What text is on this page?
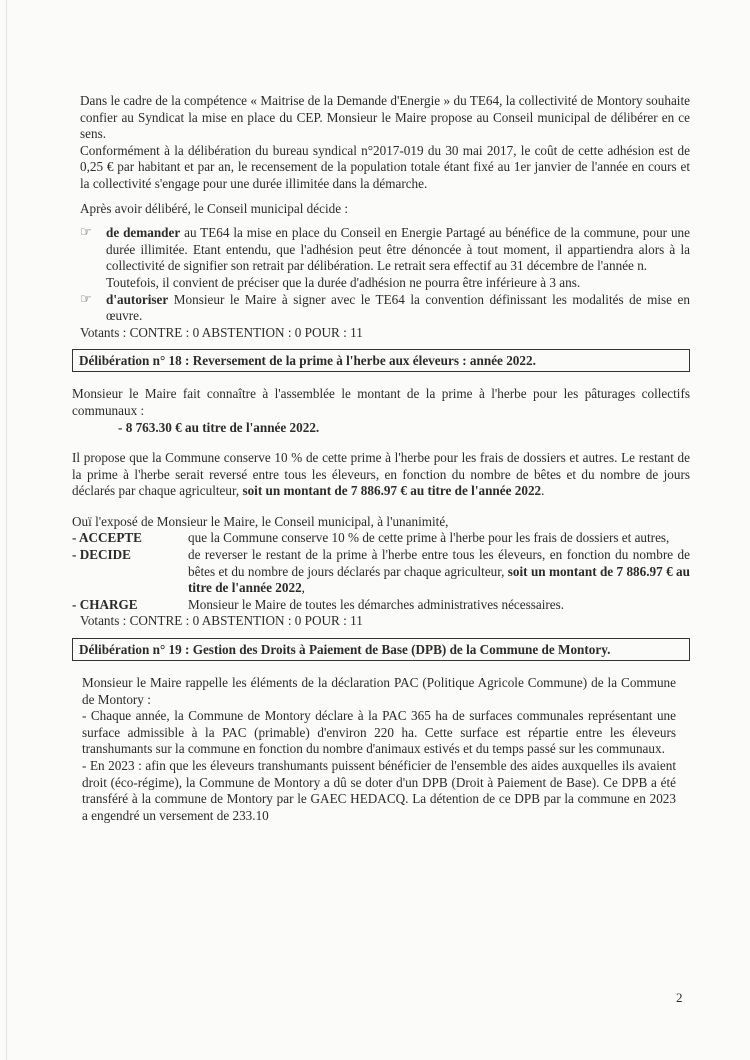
Dans le cadre de la compétence « Maitrise de la Demande d'Energie » du TE64, la collectivité de Montory souhaite confier au Syndicat la mise en place du CEP. Monsieur le Maire propose au Conseil municipal de délibérer en ce sens.

Conformément à la délibération du bureau syndical n°2017-019 du 30 mai 2017, le coût de cette adhésion est de 0,25 € par habitant et par an, le recensement de la population totale étant fixé au 1er janvier de l'année en cours et la collectivité s'engage pour une durée illimitée dans la démarche.

Après avoir délibéré, le Conseil municipal décide :

☞	de demander au TE64 la mise en place du Conseil en Energie Partagé au bénéfice de la commune, pour une durée illimitée. Etant entendu, que l'adhésion peut être dénoncée à tout moment, il appartiendra alors à la collectivité de signifier son retrait par délibération. Le retrait sera effectif au 31 décembre de l'année n.

Toutefois, il convient de préciser que la durée d'adhésion ne pourra être inférieure à 3 ans.

☞	d'autoriser Monsieur le Maire à signer avec le TE64 la convention définissant les modalités de mise en œuvre.

Votants : CONTRE : 0 ABSTENTION : 0 POUR : 11

Délibération n° 18 : Reversement de la prime à l'herbe aux éleveurs : année 2022.

Monsieur le Maire fait connaître à l'assemblée le montant de la prime à l'herbe pour les pâturages collectifs communaux :

- 8 763.30 € au titre de l'année 2022.

Il propose que la Commune conserve 10 % de cette prime à l'herbe pour les frais de dossiers et autres. Le restant de la prime à l'herbe serait reversé entre tous les éleveurs, en fonction du nombre de bêtes et du nombre de jours déclarés par chaque agriculteur, soit un montant de 7 886.97 € au titre de l'année 2022.

Ouï l'exposé de Monsieur le Maire, le Conseil municipal, à l'unanimité,

- ACCEPTE	que la Commune conserve 10 % de cette prime à l'herbe pour les frais de dossiers et autres,

- DECIDE	de reverser le restant de la prime à l'herbe entre tous les éleveurs, en fonction du nombre de bêtes et du nombre de jours déclarés par chaque agriculteur, soit un montant de 7 886.97 € au titre de l'année 2022,

- CHARGE	Monsieur le Maire de toutes les démarches administratives nécessaires.

Votants : CONTRE : 0 ABSTENTION : 0 POUR : 11

Délibération n° 19 : Gestion des Droits à Paiement de Base (DPB) de la Commune de Montory.

Monsieur le Maire rappelle les éléments de la déclaration PAC (Politique Agricole Commune) de la Commune de Montory :

- Chaque année, la Commune de Montory déclare à la PAC 365 ha de surfaces communales représentant une surface admissible à la PAC (primable) d'environ 220 ha. Cette surface est répartie entre les éleveurs transhumants sur la commune en fonction du nombre d'animaux estivés et du temps passé sur les communaux.

- En 2023 : afin que les éleveurs transhumants puissent bénéficier de l'ensemble des aides auxquelles ils avaient droit (éco-régime), la Commune de Montory a dû se doter d'un DPB (Droit à Paiement de Base). Ce DPB a été transféré à la commune de Montory par le GAEC HEDACQ. La détention de ce DPB par la commune en 2023 a engendré un versement de 233.10

2
